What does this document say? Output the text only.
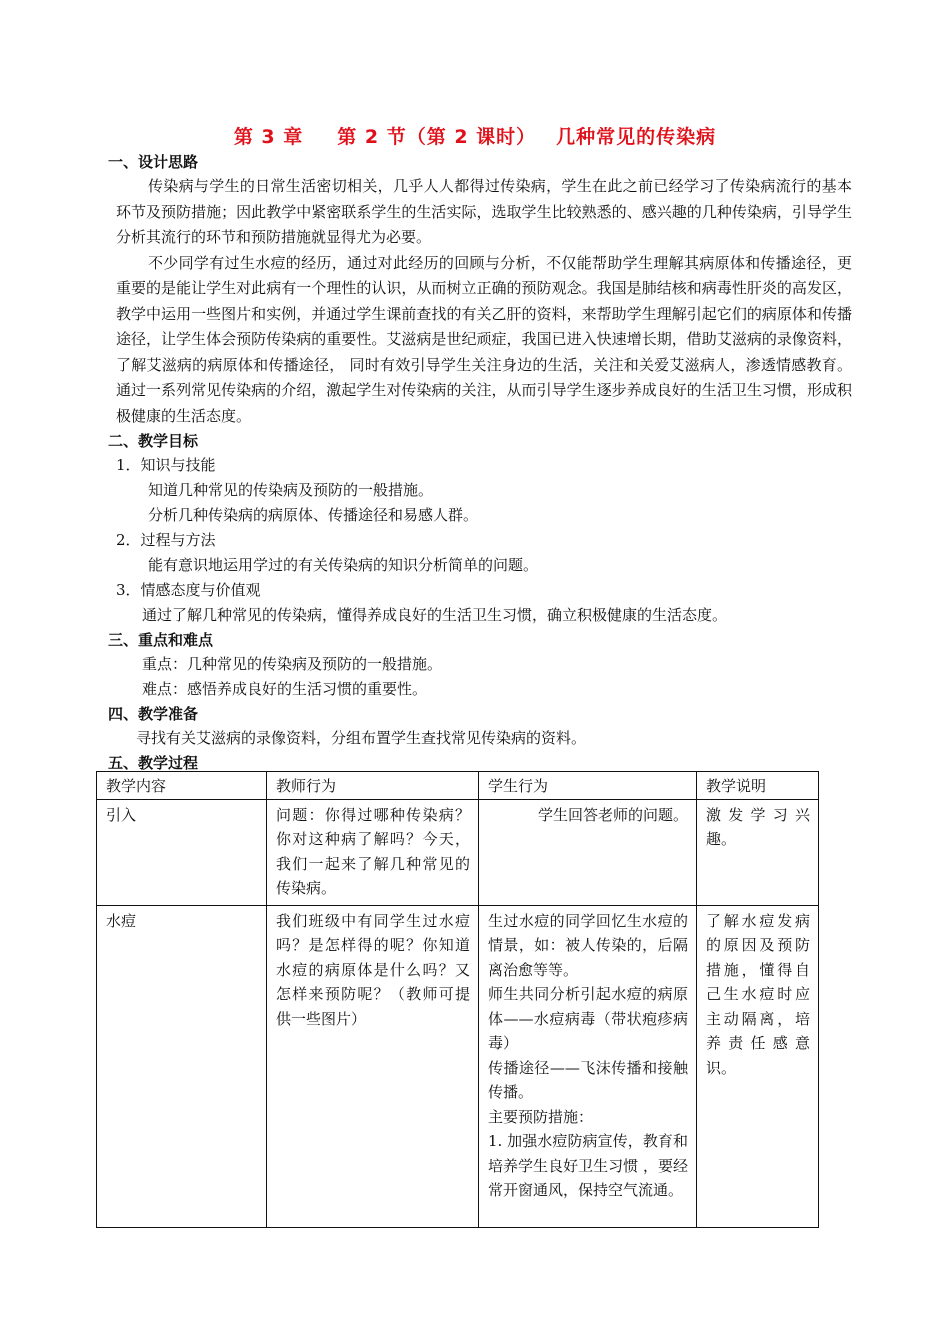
第 3 章 第 2 节（第 2 课时） 几种常见的传染病
一、设计思路
传染病与学生的日常生活密切相关，几乎人人都得过传染病，学生在此之前已经学习了传染病流行的基本环节及预防措施；因此教学中紧密联系学生的生活实际，选取学生比较熟悉的、感兴趣的几种传染病，引导学生分析其流行的环节和预防措施就显得尤为必要。
不少同学有过生水痘的经历，通过对此经历的回顾与分析，不仅能帮助学生理解其病原体和传播途径，更重要的是能让学生对此病有一个理性的认识，从而树立正确的预防观念。我国是肺结核和病毒性肝炎的高发区，教学中运用一些图片和实例，并通过学生课前查找的有关乙肝的资料，来帮助学生理解引起它们的病原体和传播途径，让学生体会预防传染病的重要性。艾滋病是世纪顽症，我国已进入快速增长期，借助艾滋病的录像资料，了解艾滋病的病原体和传播途径， 同时有效引导学生关注身边的生活，关注和关爱艾滋病人，渗透情感教育。通过一系列常见传染病的介绍，激起学生对传染病的关注，从而引导学生逐步养成良好的生活卫生习惯，形成积极健康的生活态度。
二、教学目标
1．知识与技能
知道几种常见的传染病及预防的一般措施。
分析几种传染病的病原体、传播途径和易感人群。
2．过程与方法
能有意识地运用学过的有关传染病的知识分析简单的问题。
3．情感态度与价值观
通过了解几种常见的传染病，懂得养成良好的生活卫生习惯，确立积极健康的生活态度。
三、重点和难点
重点：几种常见的传染病及预防的一般措施。
难点：感悟养成良好的生活习惯的重要性。
四、教学准备
寻找有关艾滋病的录像资料，分组布置学生查找常见传染病的资料。
五、教学过程
教学内容	教师行为	学生行为	教学说明
引入	问题：你得过哪种传染病？你对这种病了解吗？今天，我们一起来了解几种常见的传染病。	学生回答老师的问题。	激发学习兴趣。
水痘	我们班级中有同学生过水痘吗？是怎样得的呢？你知道水痘的病原体是什么吗？又怎样来预防呢？（教师可提供一些图片）	生过水痘的同学回忆生水痘的情景，如：被人传染的，后隔离治愈等等。
师生共同分析引起水痘的病原体——水痘病毒（带状疱疹病毒）
传播途径——飞沫传播和接触传播。
主要预防措施：
1. 加强水痘防病宣传，教育和培养学生良好卫生习惯 ，要经常开窗通风，保持空气流通。	了解水痘发病的原因及预防措施，懂得自己生水痘时应主动隔离，培养责任感意识。
